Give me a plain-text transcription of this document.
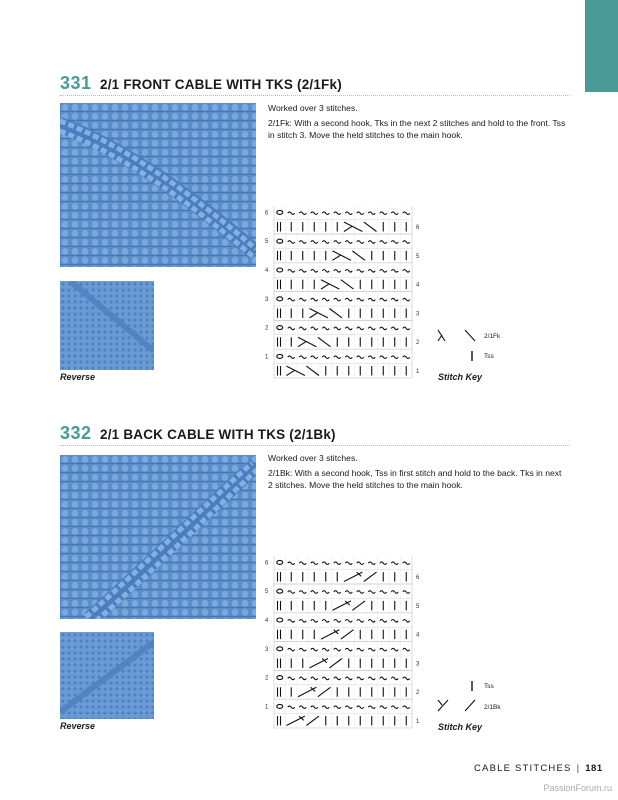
331 2/1 FRONT CABLE WITH TKS (2/1Fk)

Worked over 3 stitches.

2/1Fk: With a second hook, Tks in the next 2 stitches and hold to the front. Tss in stitch 3. Move the held stitches to the main hook.

Reverse
1
1
2
2
3
3
4
4
5
5
6
6
2/1Fk
Tss
Stitch Key
332 2/1 BACK CABLE WITH TKS (2/1Bk)

Worked over 3 stitches.

2/1Bk: With a second hook, Tss in first stitch and hold to the back. Tks in next 2 stitches. Move the held stitches to the main hook.

Reverse
1
1
2
2
3
3
4
4
5
5
6
6
Tss
2/1Bk
Stitch Key
CABLE STITCHES | 181
PassionForum.ru
